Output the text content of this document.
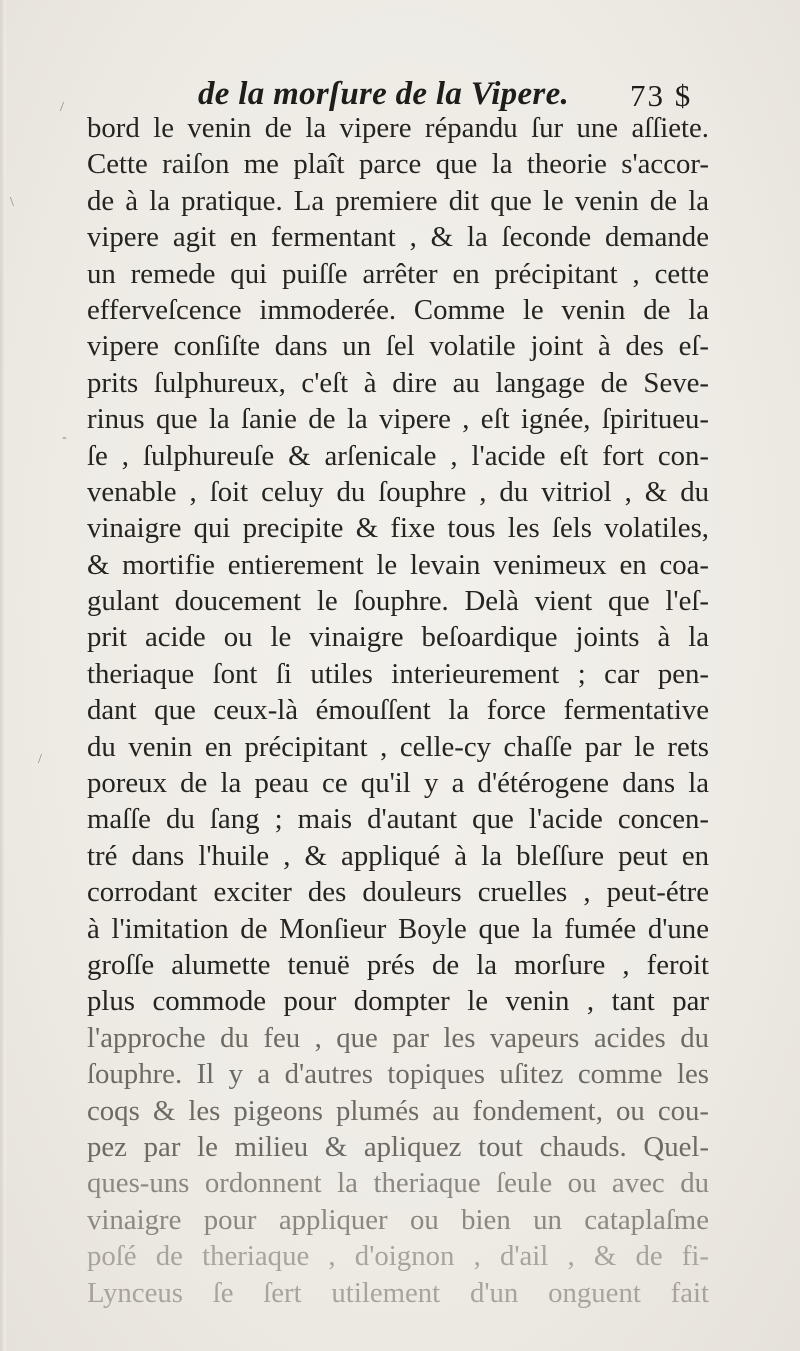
de la morſure de la Vipere. 73 $
/
\
-
/
bord le venin de la vipere répandu ſur une aſſiete.
Cette raiſon me plaît parce que la theorie s'accor-
de à la pratique. La premiere dit que le venin de la
vipere agit en fermentant , & la ſeconde demande
un remede qui puiſſe arrêter en précipitant , cette
efferveſcence immoderée. Comme le venin de la
vipere conſiſte dans un ſel volatile joint à des eſ-
prits ſulphureux, c'eſt à dire au langage de Seve-
rinus que la ſanie de la vipere , eſt ignée, ſpiritueu-
ſe , ſulphureuſe & arſenicale , l'acide eſt fort con-
venable , ſoit celuy du ſouphre , du vitriol , & du
vinaigre qui precipite & fixe tous les ſels volatiles,
& mortifie entierement le levain venimeux en coa-
gulant doucement le ſouphre. Delà vient que l'eſ-
prit acide ou le vinaigre beſoardique joints à la
theriaque ſont ſi utiles interieurement ; car pen-
dant que ceux-là émouſſent la force fermentative
du venin en précipitant , celle-cy chaſſe par le rets
poreux de la peau ce qu'il y a d'étérogene dans la
maſſe du ſang ; mais d'autant que l'acide concen-
tré dans l'huile , & appliqué à la bleſſure peut en
corrodant exciter des douleurs cruelles , peut-étre
à l'imitation de Monſieur Boyle que la fumée d'une
groſſe alumette tenuë prés de la morſure , feroit
plus commode pour dompter le venin , tant par
l'approche du feu , que par les vapeurs acides du
ſouphre. Il y a d'autres topiques uſitez comme les
coqs & les pigeons plumés au fondement, ou cou-
pez par le milieu & apliquez tout chauds. Quel-
ques-uns ordonnent la theriaque ſeule ou avec du
vinaigre pour appliquer ou bien un cataplaſme
poſé de theriaque , d'oignon , d'ail , & de fi-
Lynceus ſe ſert utilement d'un onguent fait
